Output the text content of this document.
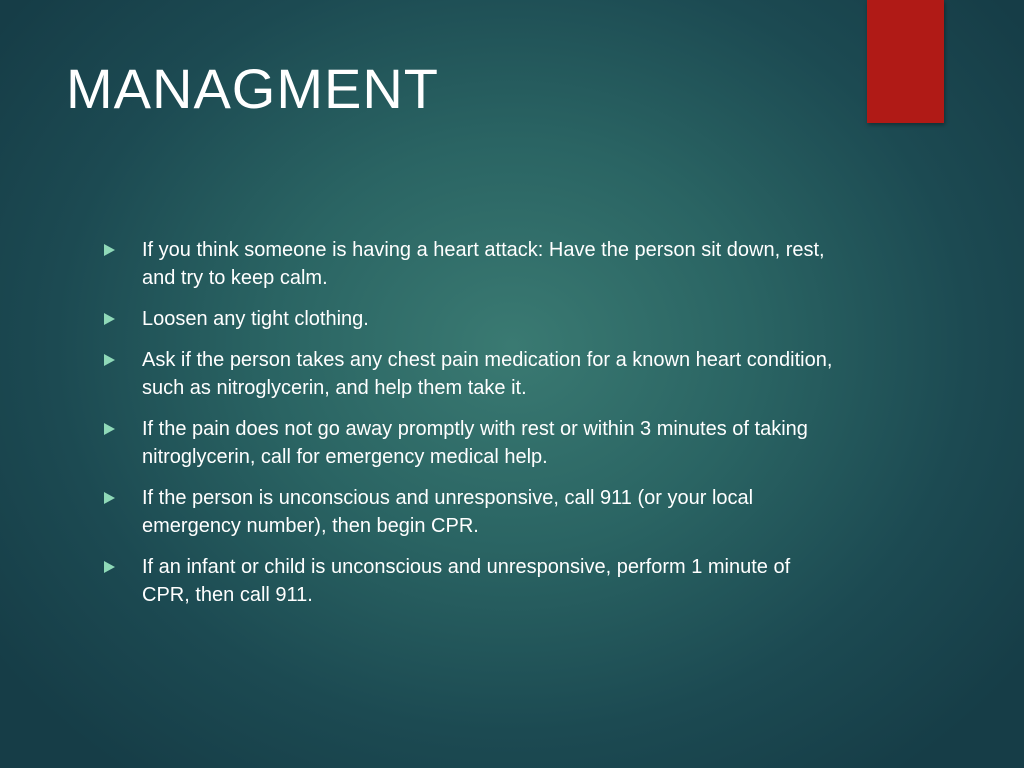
MANAGMENT
If you think someone is having a heart attack: Have the person sit down, rest, and try to keep calm.
Loosen any tight clothing.
Ask if the person takes any chest pain medication for a known heart condition, such as nitroglycerin, and help them take it.
If the pain does not go away promptly with rest or within 3 minutes of taking nitroglycerin, call for emergency medical help.
If the person is unconscious and unresponsive, call 911 (or your local emergency number), then begin CPR.
If an infant or child is unconscious and unresponsive, perform 1 minute of CPR, then call 911.
